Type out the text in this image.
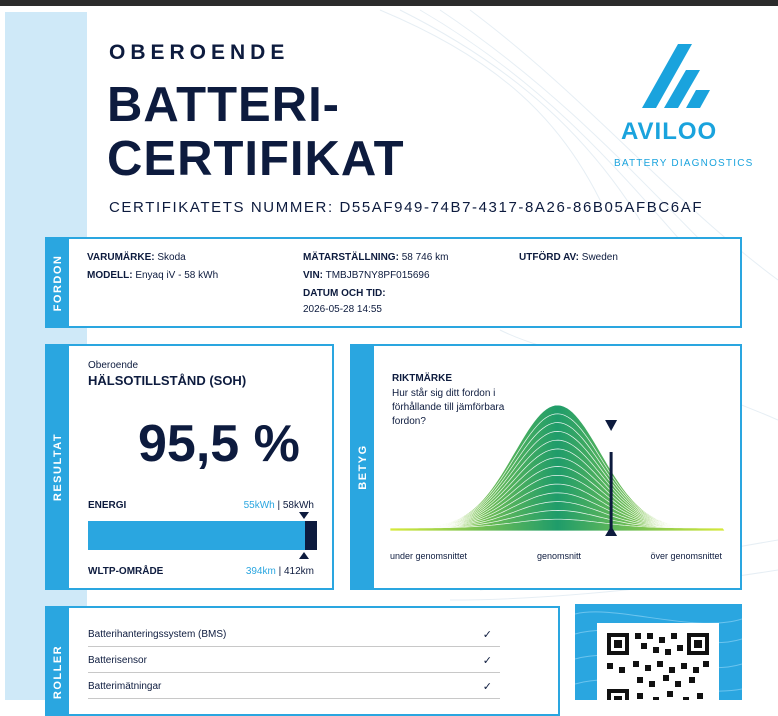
OBEROENDE
BATTERI-
CERTIFIKAT
CERTIFIKATETS NUMMER: D55AF949-74B7-4317-8A26-86B05AFBC6AF
AVILOO
BATTERY DIAGNOSTICS
FORDON VARUMÄRKE: Skoda
MODELL: Enyaq iV - 58 kWh
MÄTARSTÄLLNING: 58 746 km
VIN: TMBJB7NY8PF015696
DATUM OCH TID:
2026-05-28 14:55
UTFÖRD AV: Sweden
RESULTAT
Oberoende
HÄLSOTILLSTÅND (SOH)
95,5 %
ENERGI	55kWh | 58kWh
WLTP-OMRÅDE	394km | 412km
BETYG
RIKTMÄRKE
Hur står sig ditt fordon i förhållande till jämförbara fordon?
under genomsnittet	genomsnitt	över genomsnittet
ROLLER
Batterihanteringssystem (BMS)	✓
Batterisensor	✓
Batterimätningar	✓
